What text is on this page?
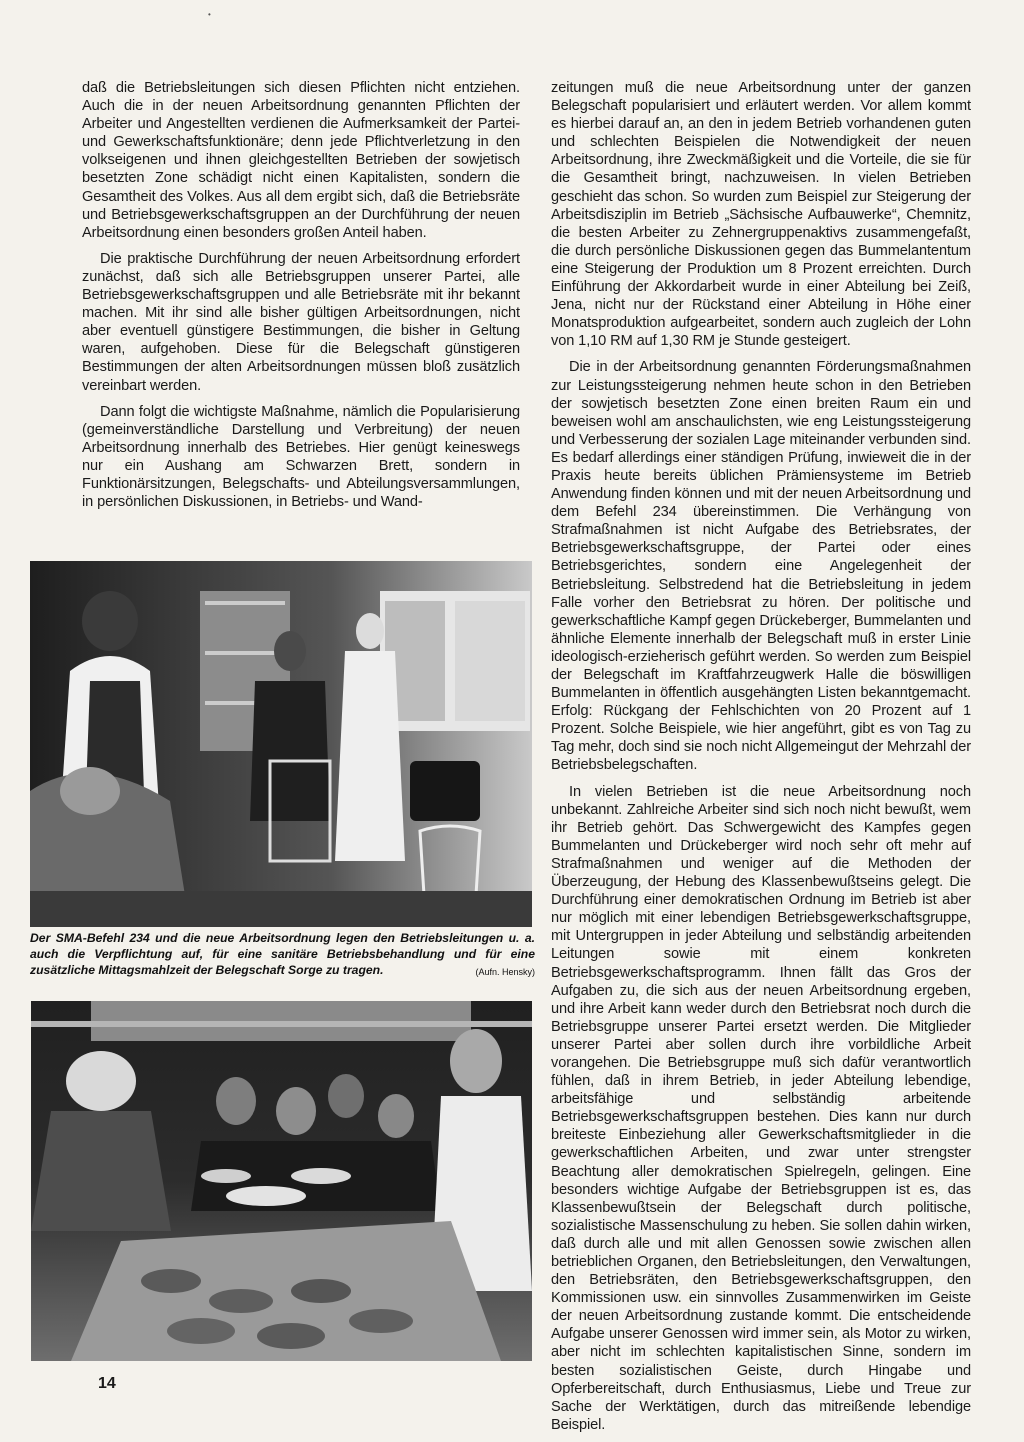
•

daß die Betriebsleitungen sich diesen Pflichten nicht entziehen. Auch die in der neuen Arbeitsordnung genannten Pflichten der Arbeiter und Angestellten verdienen die Aufmerksamkeit der Partei- und Gewerkschaftsfunktionäre; denn jede Pflichtverletzung in den volkseigenen und ihnen gleichgestellten Betrieben der sowjetisch besetzten Zone schädigt nicht einen Kapitalisten, sondern die Gesamtheit des Volkes. Aus all dem ergibt sich, daß die Betriebsräte und Betriebsgewerkschaftsgruppen an der Durchführung der neuen Arbeitsordnung einen besonders großen Anteil haben.

Die praktische Durchführung der neuen Arbeitsordnung erfordert zunächst, daß sich alle Betriebsgruppen unserer Partei, alle Betriebsgewerkschaftsgruppen und alle Betriebsräte mit ihr bekannt machen. Mit ihr sind alle bisher gültigen Arbeitsordnungen, nicht aber eventuell günstigere Bestimmungen, die bisher in Geltung waren, aufgehoben. Diese für die Belegschaft günstigeren Bestimmungen der alten Arbeitsordnungen müssen bloß zusätzlich vereinbart werden.

Dann folgt die wichtigste Maßnahme, nämlich die Popularisierung (gemeinverständliche Darstellung und Verbreitung) der neuen Arbeitsordnung innerhalb des Betriebes. Hier genügt keineswegs nur ein Aushang am Schwarzen Brett, sondern in Funktionärsitzungen, Belegschafts- und Abteilungsversammlungen, in persönlichen Diskussionen, in Betriebs- und Wand-

Der SMA-Befehl 234 und die neue Arbeitsordnung legen den Betriebsleitungen u. a. auch die Verpflichtung auf, für eine sanitäre Betriebsbehandlung und für eine zusätzliche Mittagsmahlzeit der Belegschaft Sorge zu tragen.	(Aufn. Hensky)

zeitungen muß die neue Arbeitsordnung unter der ganzen Belegschaft popularisiert und erläutert werden. Vor allem kommt es hierbei darauf an, an den in jedem Betrieb vorhandenen guten und schlechten Beispielen die Notwendigkeit der neuen Arbeitsordnung, ihre Zweckmäßigkeit und die Vorteile, die sie für die Gesamtheit bringt, nachzuweisen. In vielen Betrieben geschieht das schon. So wurden zum Beispiel zur Steigerung der Arbeitsdisziplin im Betrieb „Sächsische Aufbauwerke“, Chemnitz, die besten Arbeiter zu Zehnergruppenaktivs zusammengefaßt, die durch persönliche Diskussionen gegen das Bummelantentum eine Steigerung der Produktion um 8 Prozent erreichten. Durch Einführung der Akkordarbeit wurde in einer Abteilung bei Zeiß, Jena, nicht nur der Rückstand einer Abteilung in Höhe einer Monatsproduktion aufgearbeitet, sondern auch zugleich der Lohn von 1,10 RM auf 1,30 RM je Stunde gesteigert.

Die in der Arbeitsordnung genannten Förderungsmaßnahmen zur Leistungssteigerung nehmen heute schon in den Betrieben der sowjetisch besetzten Zone einen breiten Raum ein und beweisen wohl am anschaulichsten, wie eng Leistungssteigerung und Verbesserung der sozialen Lage miteinander verbunden sind. Es bedarf allerdings einer ständigen Prüfung, inwieweit die in der Praxis heute bereits üblichen Prämiensysteme im Betrieb Anwendung finden können und mit der neuen Arbeitsordnung und dem Befehl 234 übereinstimmen. Die Verhängung von Strafmaßnahmen ist nicht Aufgabe des Betriebsrates, der Betriebsgewerkschaftsgruppe, der Partei oder eines Betriebsgerichtes, sondern eine Angelegenheit der Betriebsleitung. Selbstredend hat die Betriebsleitung in jedem Falle vorher den Betriebsrat zu hören. Der politische und gewerkschaftliche Kampf gegen Drückeberger, Bummelanten und ähnliche Elemente innerhalb der Belegschaft muß in erster Linie ideologisch-erzieherisch geführt werden. So werden zum Beispiel der Belegschaft im Kraftfahrzeugwerk Halle die böswilligen Bummelanten in öffentlich ausgehängten Listen bekanntgemacht. Erfolg: Rückgang der Fehlschichten von 20 Prozent auf 1 Prozent. Solche Beispiele, wie hier angeführt, gibt es von Tag zu Tag mehr, doch sind sie noch nicht Allgemeingut der Mehrzahl der Betriebsbelegschaften.

In vielen Betrieben ist die neue Arbeitsordnung noch unbekannt. Zahlreiche Arbeiter sind sich noch nicht bewußt, wem ihr Betrieb gehört. Das Schwergewicht des Kampfes gegen Bummelanten und Drückeberger wird noch sehr oft mehr auf Strafmaßnahmen und weniger auf die Methoden der Überzeugung, der Hebung des Klassenbewußtseins gelegt. Die Durchführung einer demokratischen Ordnung im Betrieb ist aber nur möglich mit einer lebendigen Betriebsgewerkschaftsgruppe, mit Untergruppen in jeder Abteilung und selbständig arbeitenden Leitungen sowie mit einem konkreten Betriebsgewerkschaftsprogramm. Ihnen fällt das Gros der Aufgaben zu, die sich aus der neuen Arbeitsordnung ergeben, und ihre Arbeit kann weder durch den Betriebsrat noch durch die Betriebsgruppe unserer Partei ersetzt werden. Die Mitglieder unserer Partei aber sollen durch ihre vorbildliche Arbeit vorangehen. Die Betriebsgruppe muß sich dafür verantwortlich fühlen, daß in ihrem Betrieb, in jeder Abteilung lebendige, arbeitsfähige und selbständig arbeitende Betriebsgewerkschaftsgruppen bestehen. Dies kann nur durch breiteste Einbeziehung aller Gewerkschaftsmitglieder in die gewerkschaftlichen Arbeiten, und zwar unter strengster Beachtung aller demokratischen Spielregeln, gelingen. Eine besonders wichtige Aufgabe der Betriebsgruppen ist es, das Klassenbewußtsein der Belegschaft durch politische, sozialistische Massenschulung zu heben. Sie sollen dahin wirken, daß durch alle und mit allen Genossen sowie zwischen allen betrieblichen Organen, den Betriebsleitungen, den Verwaltungen, den Betriebsräten, den Betriebsgewerkschaftsgruppen, den Kommissionen usw. ein sinnvolles Zusammenwirken im Geiste der neuen Arbeitsordnung zustande kommt. Die entscheidende Aufgabe unserer Genossen wird immer sein, als Motor zu wirken, aber nicht im schlechten kapitalistischen Sinne, sondern im besten sozialistischen Geiste, durch Hingabe und Opferbereitschaft, durch Enthusiasmus, Liebe und Treue zur Sache der Werktätigen, durch das mitreißende lebendige Beispiel.

14
